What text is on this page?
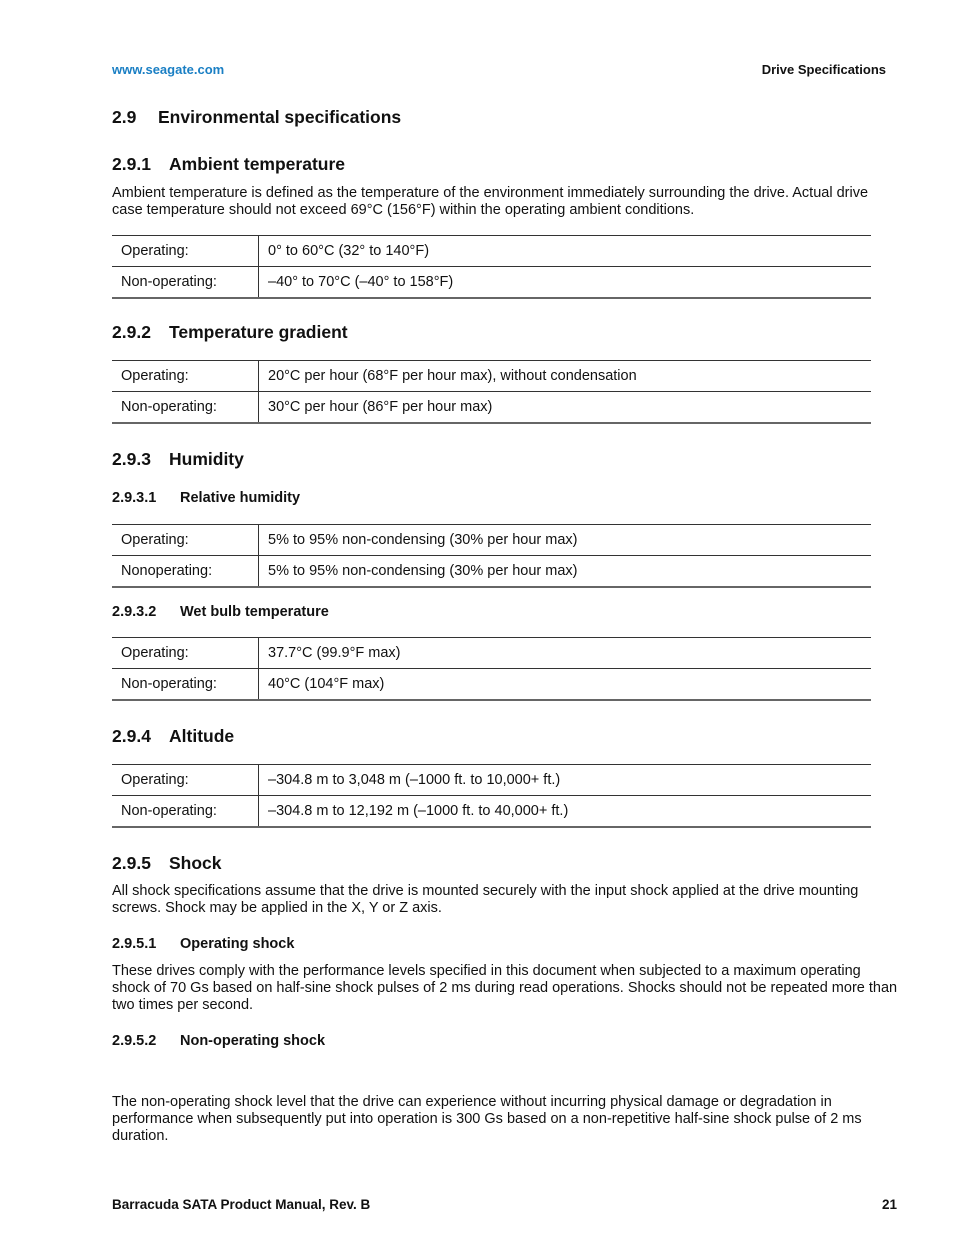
www.seagate.com	Drive Specifications
2.9 Environmental specifications
2.9.1 Ambient temperature
Ambient temperature is defined as the temperature of the environment immediately surrounding the drive. Actual drive case temperature should not exceed 69°C (156°F) within the operating ambient conditions.
Operating:	0° to 60°C (32° to 140°F)
Non-operating:	–40° to 70°C (–40° to 158°F)
2.9.2 Temperature gradient
Operating:	20°C per hour (68°F per hour max), without condensation
Non-operating:	30°C per hour (86°F per hour max)
2.9.3 Humidity
2.9.3.1 Relative humidity
Operating:	5% to 95% non-condensing (30% per hour max)
Nonoperating:	5% to 95% non-condensing (30% per hour max)
2.9.3.2 Wet bulb temperature
Operating:	37.7°C (99.9°F max)
Non-operating:	40°C (104°F max)
2.9.4 Altitude
Operating:	–304.8 m to 3,048 m (–1000 ft. to 10,000+ ft.)
Non-operating:	–304.8 m to 12,192 m (–1000 ft. to 40,000+ ft.)
2.9.5 Shock
All shock specifications assume that the drive is mounted securely with the input shock applied at the drive mounting screws. Shock may be applied in the X, Y or Z axis.
2.9.5.1 Operating shock
These drives comply with the performance levels specified in this document when subjected to a maximum operating shock of 70 Gs based on half-sine shock pulses of 2 ms during read operations. Shocks should not be repeated more than two times per second.
2.9.5.2 Non-operating shock
The non-operating shock level that the drive can experience without incurring physical damage or degradation in performance when subsequently put into operation is 300 Gs based on a non-repetitive half-sine shock pulse of 2 ms duration.
Barracuda SATA Product Manual, Rev. B	21
